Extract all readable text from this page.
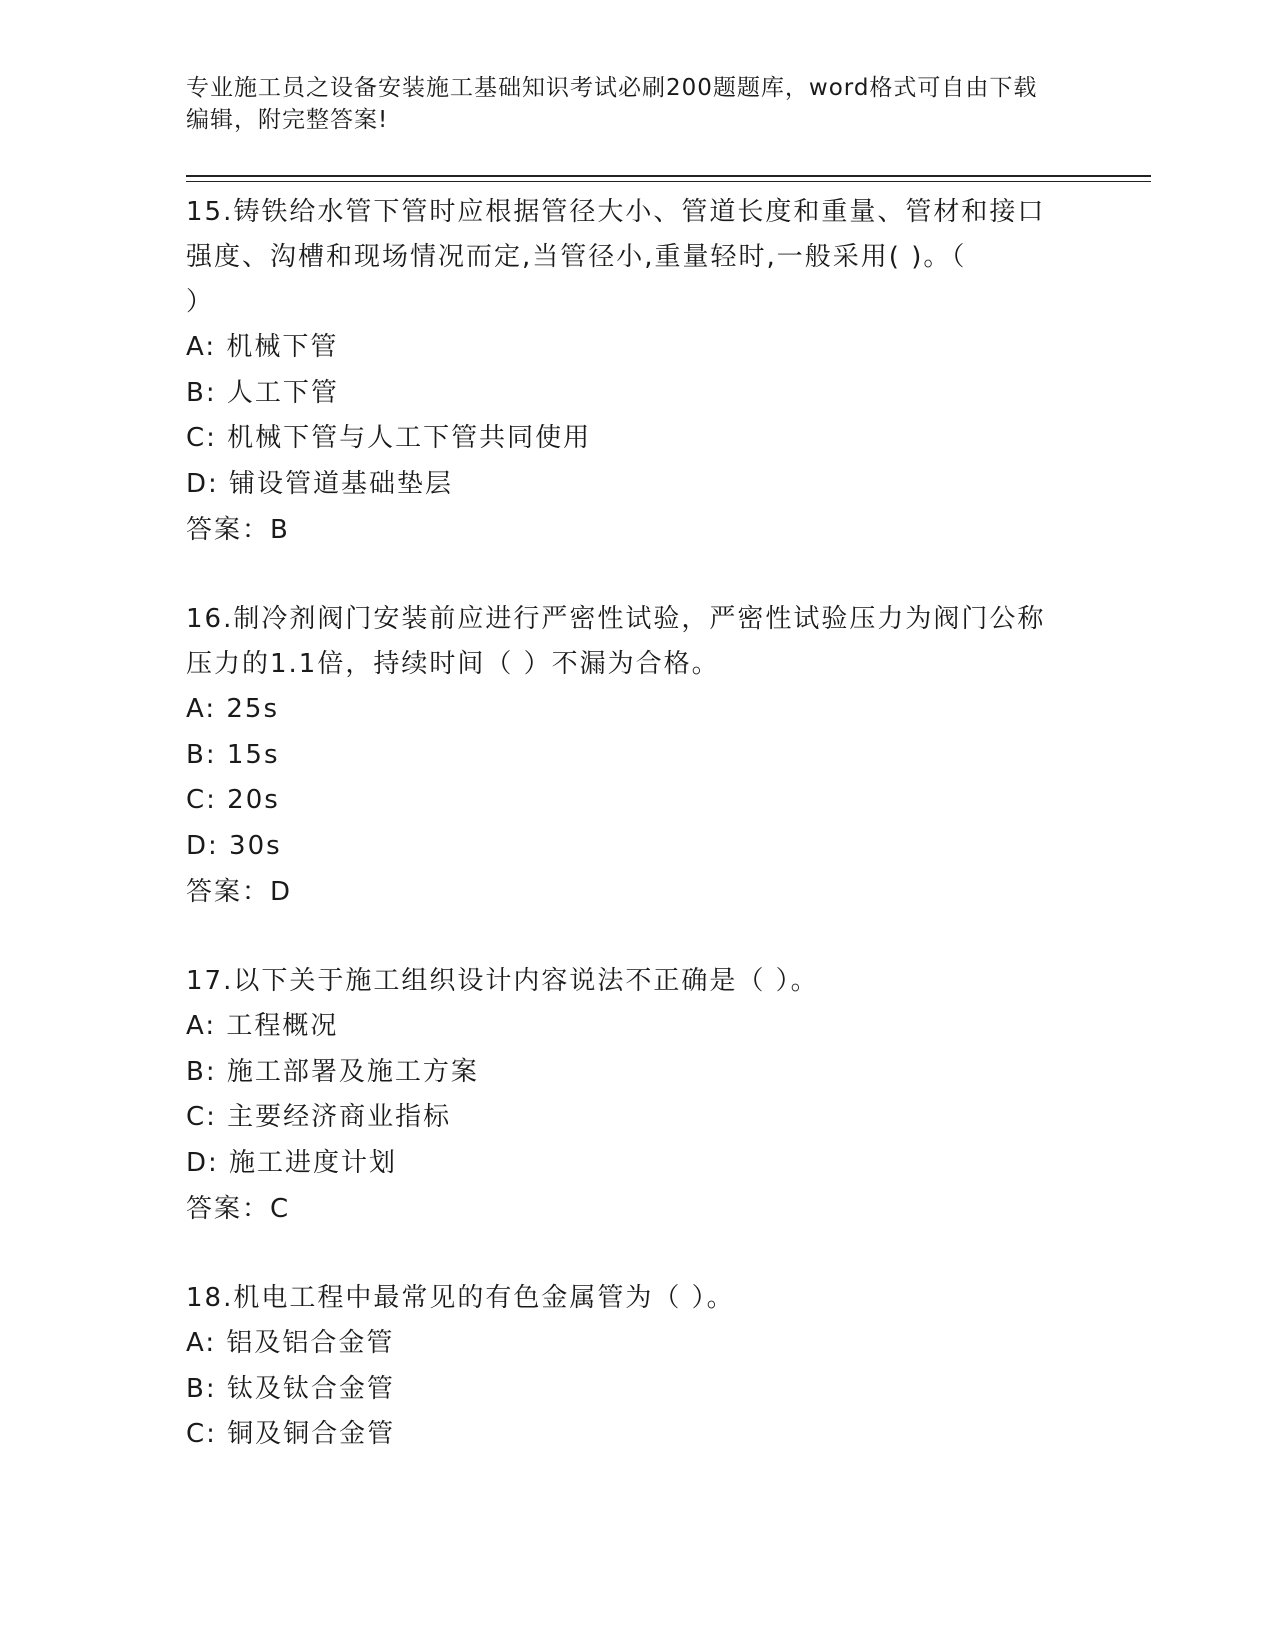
专业施工员之设备安装施工基础知识考试必刷200题题库，word格式可自由下载
编辑，附完整答案!
15.铸铁给水管下管时应根据管径大小、管道长度和重量、管材和接口
强度、沟槽和现场情况而定,当管径小,重量轻时,一般采用( )。（
）
A: 机械下管
B: 人工下管
C: 机械下管与人工下管共同使用
D: 铺设管道基础垫层
答案：B
16.制冷剂阀门安装前应进行严密性试验，严密性试验压力为阀门公称
压力的1.1倍，持续时间（ ）不漏为合格。
A: 25s
B: 15s
C: 20s
D: 30s
答案：D
17.以下关于施工组织设计内容说法不正确是（ ）。
A: 工程概况
B: 施工部署及施工方案
C: 主要经济商业指标
D: 施工进度计划
答案：C
18.机电工程中最常见的有色金属管为（ ）。
A: 铝及铝合金管
B: 钛及钛合金管
C: 铜及铜合金管
